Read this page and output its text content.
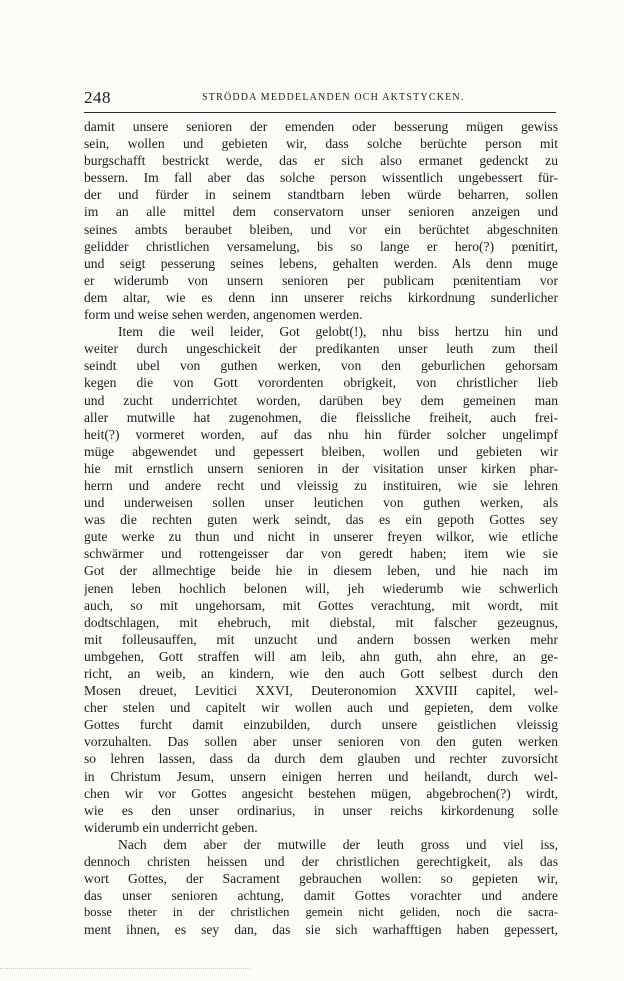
248	STRÖDDA MEDDELANDEN OCH AKTSTYCKEN.
damit unsere senioren der emenden oder besserung mügen gewiss
sein, wollen und gebieten wir, dass solche berüchte person mit
burgschafft bestrickt werde, das er sich also ermanet gedenckt zu
bessern. Im fall aber das solche person wissentlich ungebessert für-
der und fürder in seinem standtbarn leben würde beharren, sollen
im an alle mittel dem conservatorn unser senioren anzeigen und
seines ambts beraubet bleiben, und vor ein berüchtet abgeschniten
gelidder christlichen versamelung, bis so lange er hero(?) pœnitirt,
und seigt pesserung seines lebens, gehalten werden. Als denn muge
er widerumb von unsern senioren per publicam pœnitentiam vor
dem altar, wie es denn inn unserer reichs kirkordnung sunderlicher
form und weise sehen werden, angenomen werden.
Item die weil leider, Got gelobt(!), nhu biss hertzu hin und
weiter durch ungeschickeit der predikanten unser leuth zum theil
seindt ubel von guthen werken, von den geburlichen gehorsam
kegen die von Gott vorordenten obrigkeit, von christlicher lieb
und zucht underrichtet worden, darüben bey dem gemeinen man
aller mutwille hat zugenohmen, die fleissliche freiheit, auch frei-
heit(?) vormeret worden, auf das nhu hin fürder solcher ungelimpf
müge abgewendet und gepessert bleiben, wollen und gebieten wir
hie mit ernstlich unsern senioren in der visitation unser kirken phar-
herrn und andere recht und vleissig zu instituiren, wie sie lehren
und underweisen sollen unser leutichen von guthen werken, als
was die rechten guten werk seindt, das es ein gepoth Gottes sey
gute werke zu thun und nicht in unserer freyen wilkor, wie etliche
schwärmer und rottengeisser dar von geredt haben; item wie sie
Got der allmechtige beide hie in diesem leben, und hie nach im
jenen leben hochlich belonen will, jeh wiederumb wie schwerlich
auch, so mit ungehorsam, mit Gottes verachtung, mit wordt, mit
dodtschlagen, mit ehebruch, mit diebstal, mit falscher gezeugnus,
mit folleusauffen, mit unzucht und andern bossen werken mehr
umbgehen, Gott straffen will am leib, ahn guth, ahn ehre, an ge-
richt, an weib, an kindern, wie den auch Gott selbest durch den
Mosen dreuet, Levitici XXVI, Deuteronomion XXVIII capitel, wel-
cher stelen und capitelt wir wollen auch und gepieten, dem volke
Gottes furcht damit einzubilden, durch unsere geistlichen vleissig
vorzuhalten. Das sollen aber unser senioren von den guten werken
so lehren lassen, dass da durch dem glauben und rechter zuvorsicht
in Christum Jesum, unsern einigen herren und heilandt, durch wel-
chen wir vor Gottes angesicht bestehen mügen, abgebrochen(?) wirdt,
wie es den unser ordinarius, in unser reichs kirkordenung solle
widerumb ein underricht geben.
Nach dem aber der mutwille der leuth gross und viel iss,
dennoch christen heissen und der christlichen gerechtigkeit, als das
wort Gottes, der Sacrament gebrauchen wollen: so gepieten wir,
das unser senioren achtung, damit Gottes vorachter und andere
bosse theter in der christlichen gemein nicht geliden, noch die sacra-
ment ihnen, es sey dan, das sie sich warhafftigen haben gepessert,
